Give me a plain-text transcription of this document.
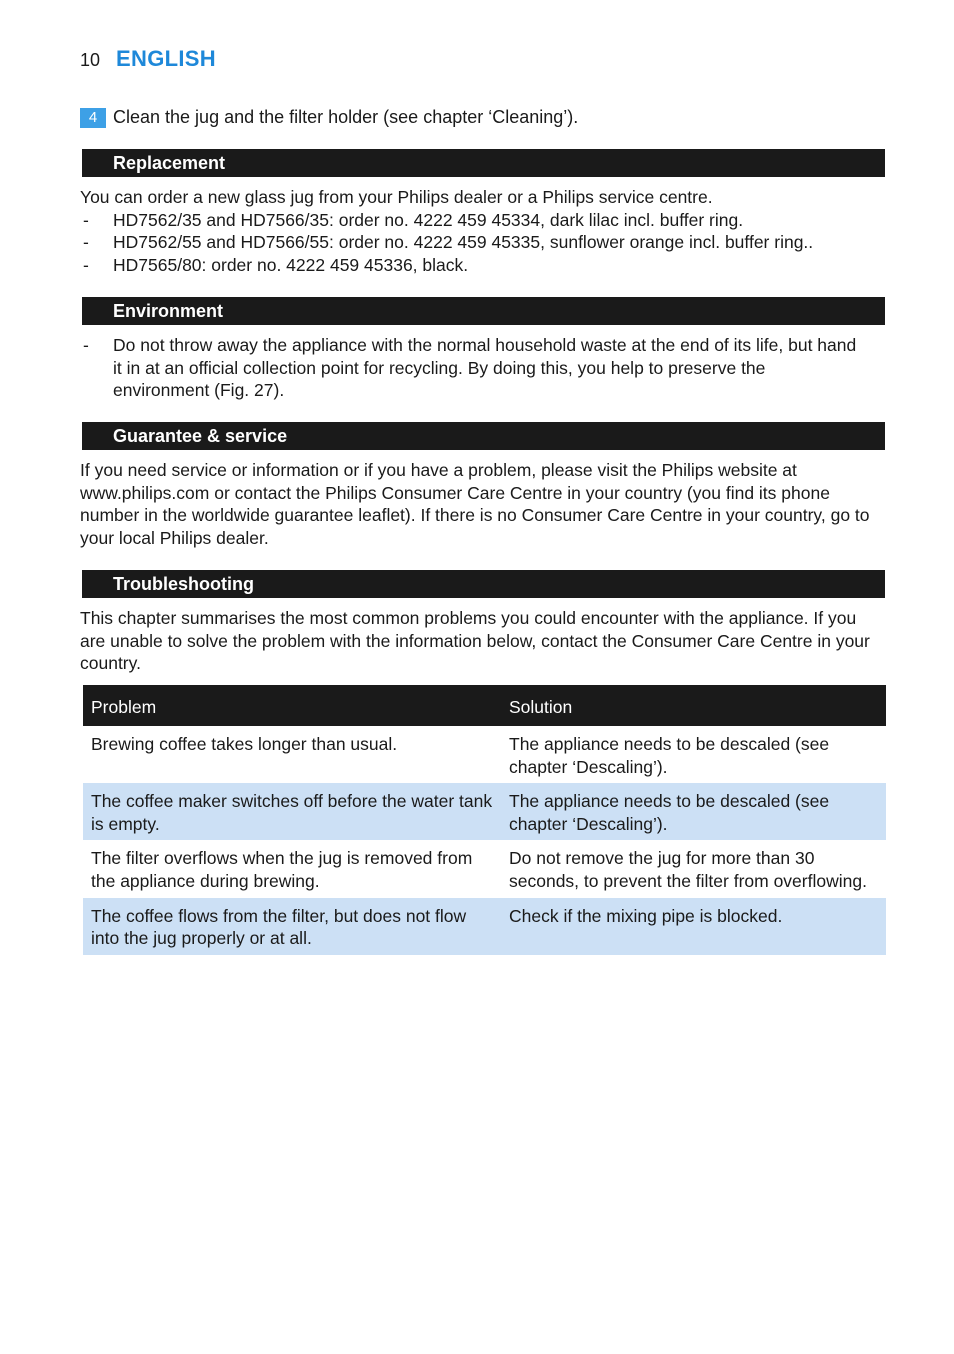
10 ENGLISH
4 Clean the jug and the filter holder (see chapter ‘Cleaning’).
Replacement

You can order a new glass jug from your Philips dealer or a Philips service centre.

-	HD7562/35 and HD7566/35: order no. 4222 459 45334, dark lilac incl. buffer ring.
-	HD7562/55 and HD7566/55: order no. 4222 459 45335, sunflower orange incl. buffer ring..
-	HD7565/80: order no. 4222 459 45336, black.
Environment
-	Do not throw away the appliance with the normal household waste at the end of its life, but hand it in at an official collection point for recycling. By doing this, you help to preserve the environment (Fig. 27).
Guarantee & service

If you need service or information or if you have a problem, please visit the Philips website at www.philips.com or contact the Philips Consumer Care Centre in your country (you find its phone number in the worldwide guarantee leaflet). If there is no Consumer Care Centre in your country, go to your local Philips dealer.

Troubleshooting
This chapter summarises the most common problems you could encounter with the appliance. If you are unable to solve the problem with the information below, contact the Consumer Care Centre in your country.
Problem	Solution
Brewing coffee takes longer than usual.	The appliance needs to be descaled (see chapter ‘Descaling’).
The coffee maker switches off before the water tank is empty.	The appliance needs to be descaled (see chapter ‘Descaling’).
The filter overflows when the jug is removed from the appliance during brewing.	Do not remove the jug for more than 30 seconds, to prevent the filter from overflowing.
The coffee flows from the filter, but does not flow into the jug properly or at all.	Check if the mixing pipe is blocked.
